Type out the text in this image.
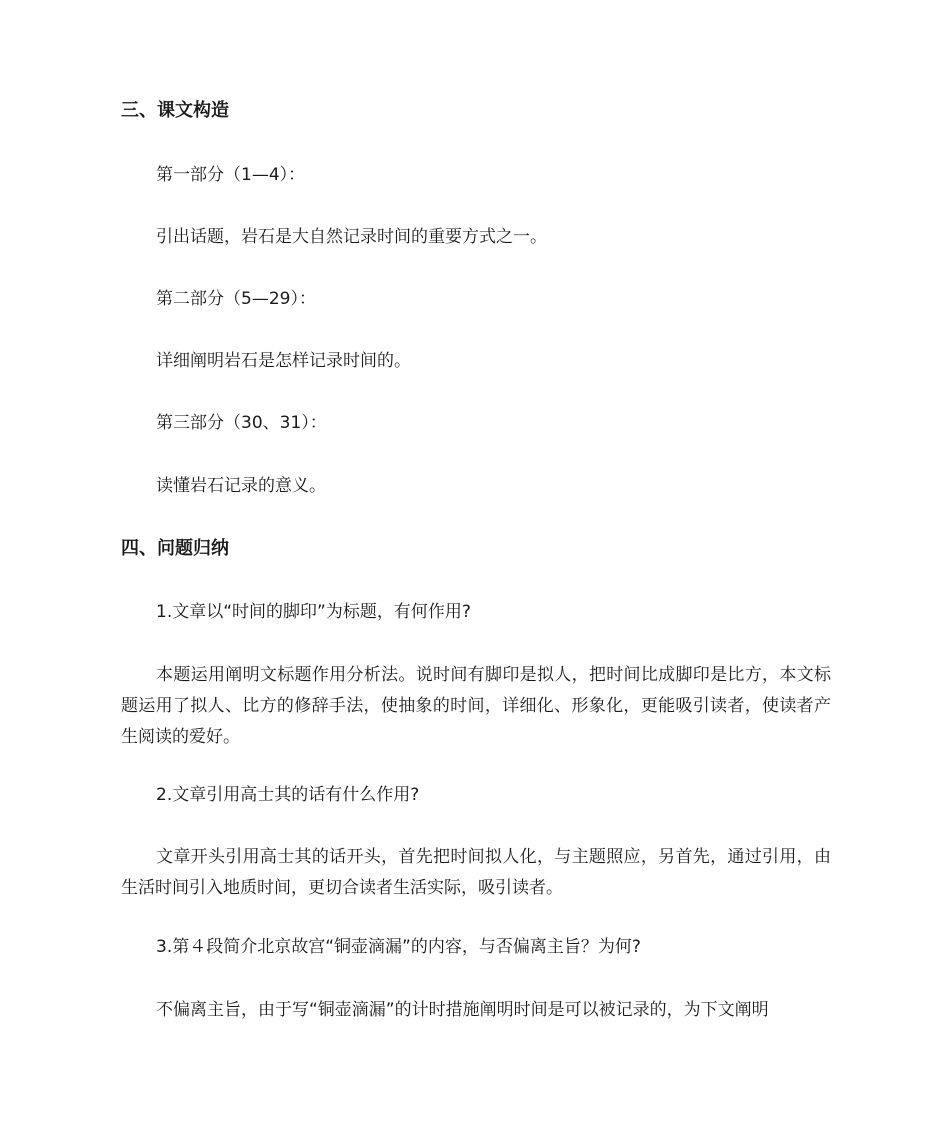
三、课文构造

第一部分（1—4）：

引出话题，岩石是大自然记录时间的重要方式之一。

第二部分（5—29）：

详细阐明岩石是怎样记录时间的。

第三部分（30、31）：

读懂岩石记录的意义。

四、问题归纳

1.文章以“时间的脚印”为标题，有何作用?

本题运用阐明文标题作用分析法。说时间有脚印是拟人，把时间比成脚印是比方，本文标题运用了拟人、比方的修辞手法，使抽象的时间，详细化、形象化，更能吸引读者，使读者产生阅读的爱好。

2.文章引用高士其的话有什么作用?

文章开头引用高士其的话开头，首先把时间拟人化，与主题照应，另首先，通过引用，由生活时间引入地质时间，更切合读者生活实际，吸引读者。

3.第４段简介北京故宫“铜壶滴漏”的内容，与否偏离主旨？为何?

不偏离主旨，由于写“铜壶滴漏”的计时措施阐明时间是可以被记录的，为下文阐明
